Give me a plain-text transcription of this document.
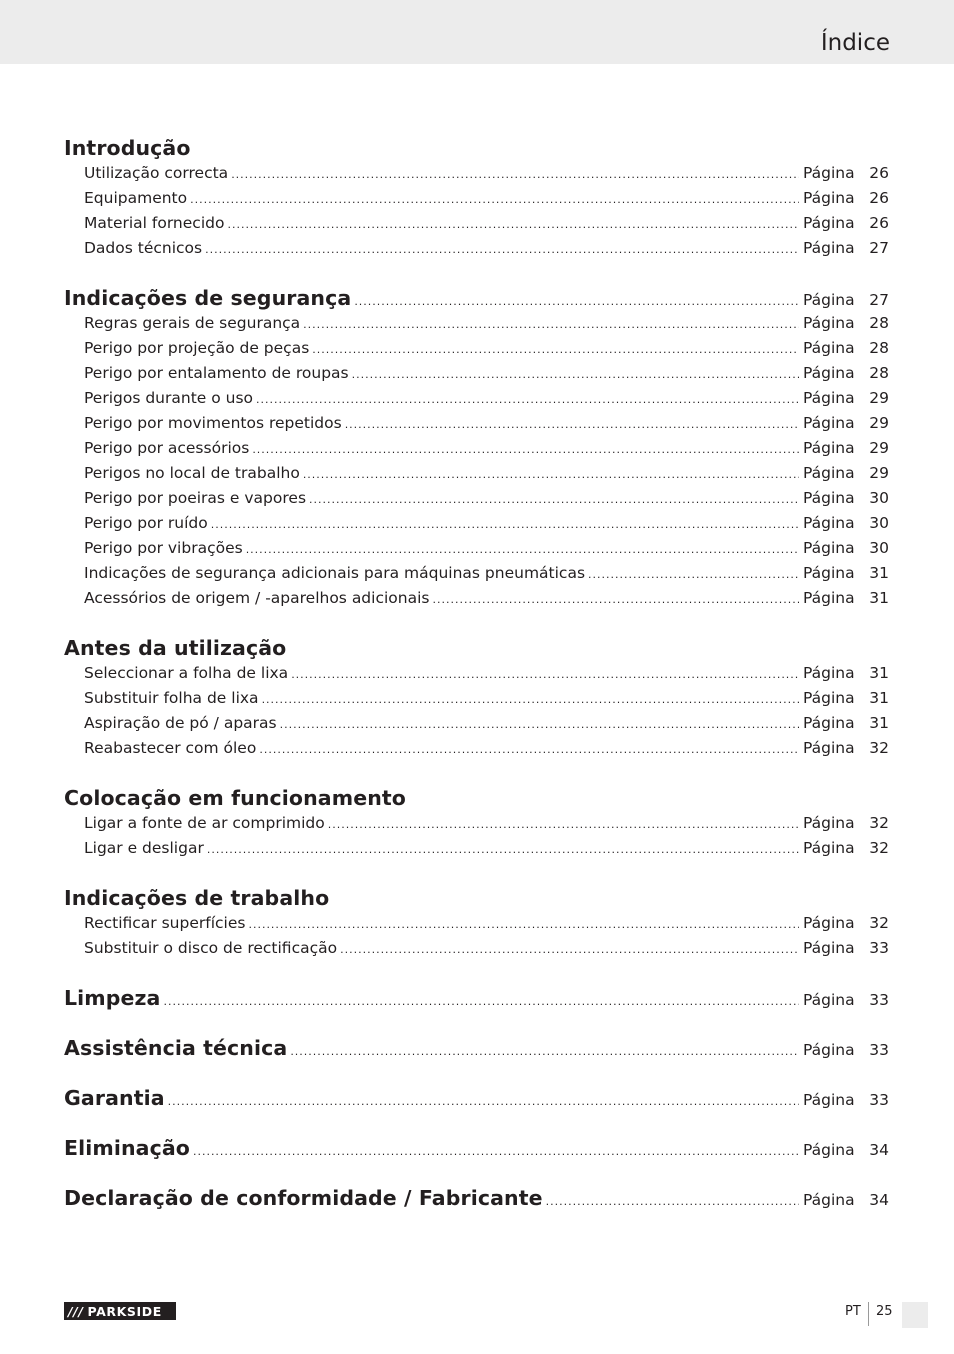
Índice
Introdução
Utilização correcta .....	Página 26
Equipamento .....	Página 26
Material fornecido .....	Página 26
Dados técnicos .....	Página 27
Indicações de segurança .....	Página 27
Regras gerais de segurança .....	Página 28
Perigo por projeção de peças .....	Página 28
Perigo por entalamento de roupas .....	Página 28
Perigos durante o uso .....	Página 29
Perigo por movimentos repetidos .....	Página 29
Perigo por acessórios .....	Página 29
Perigos no local de trabalho .....	Página 29
Perigo por poeiras e vapores .....	Página 30
Perigo por ruído .....	Página 30
Perigo por vibrações .....	Página 30
Indicações de segurança adicionais para máquinas pneumáticas .....	Página 31
Acessórios de origem / -aparelhos adicionais .....	Página 31
Antes da utilização
Seleccionar a folha de lixa .....	Página 31
Substituir folha de lixa .....	Página 31
Aspiração de pó / aparas .....	Página 31
Reabastecer com óleo .....	Página 32
Colocação em funcionamento
Ligar a fonte de ar comprimido .....	Página 32
Ligar e desligar .....	Página 32
Indicações de trabalho
Rectificar superfícies .....	Página 32
Substituir o disco de rectificação .....	Página 33
Limpeza .....	Página 33
Assistência técnica .....	Página 33
Garantia .....	Página 33
Eliminação .....	Página 34
Declaração de conformidade / Fabricante .....	Página 34
/// PARKSIDE	PT 25
